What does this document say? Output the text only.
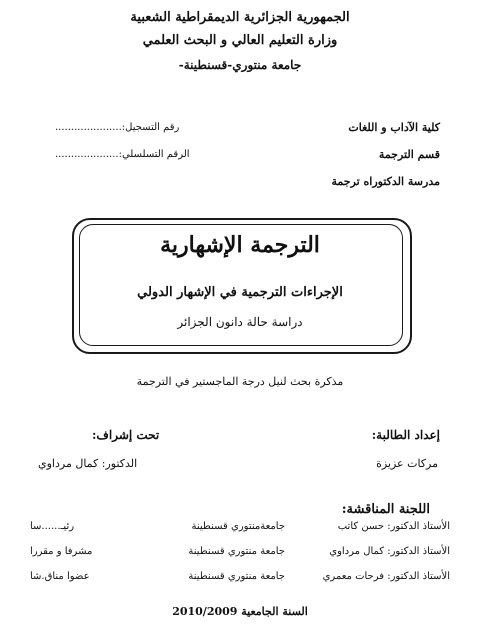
الجمهورية الجزائرية الديمقراطية الشعبية
وزارة التعليم العالي و البحث العلمي
جامعة منتوري-قسنطينة-
كلية الآداب و اللغات
قسم الترجمة
مدرسة الدكتوراه ترجمة
رقم التسجيل:.....................
الرقم التسلسلي:....................
الترجمة الإشهارية
الإجراءات الترجمية في الإشهار الدولي
دراسة حالة دانون الجزائر
مذكرة بحث لنيل درجة الماجستير في الترجمة
إعداد الطالبة:
تحت إشراف:
مركات عزيزة
الدكتور: كمال مرداوي
اللجنة المناقشة:
الأستاذ الدكتور: حسن كاتب
جامعةمنتوري قسنطينة
رئيـ......سا
الأستاذ الدكتور: كمال مرداوي
جامعة منتوري قسنطينة
مشرفا و مقررا
الأستاذ الدكتور: فرحات معمري
جامعة منتوري قسنطينة
عضوا مناق.شا
السنة الجامعية 2010/2009
